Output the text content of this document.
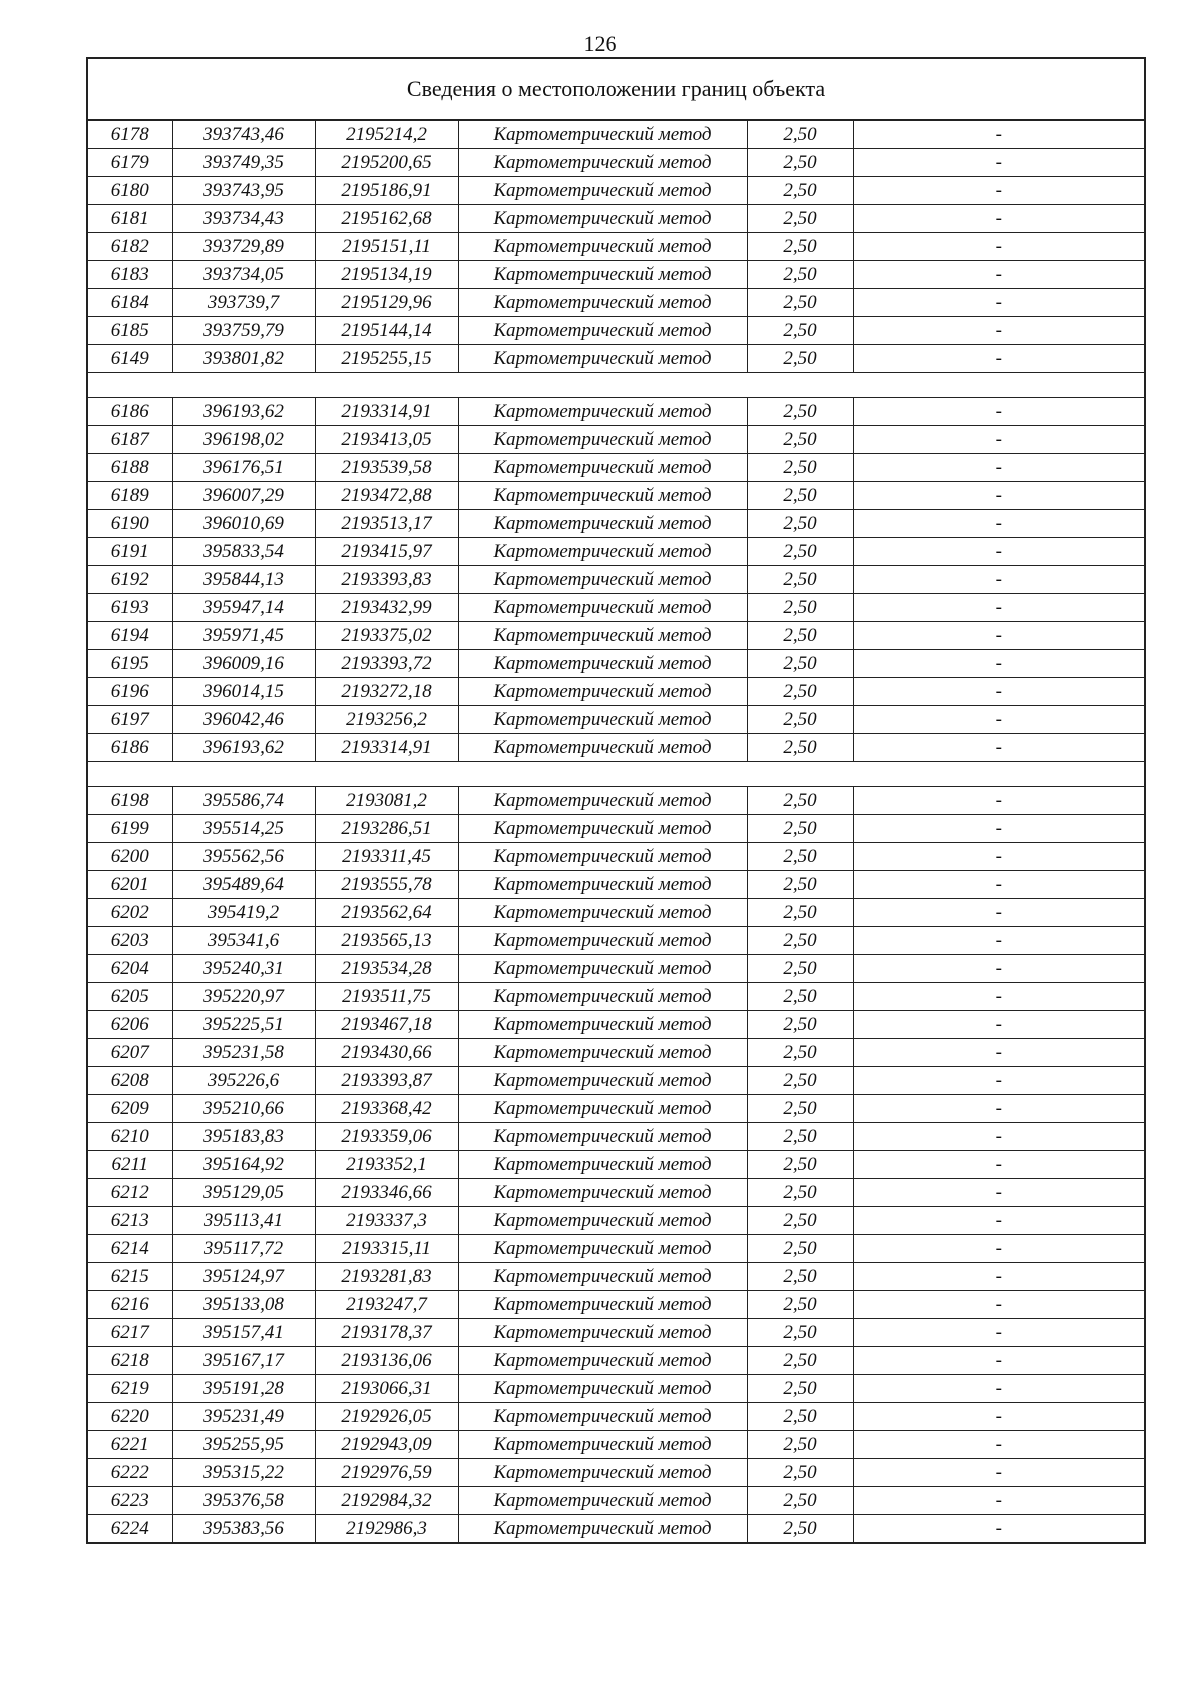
126
Сведения о местоположении границ объекта					
6178	393743,46	2195214,2	Картометрический метод	2,50	-
6179	393749,35	2195200,65	Картометрический метод	2,50	-
6180	393743,95	2195186,91	Картометрический метод	2,50	-
6181	393734,43	2195162,68	Картометрический метод	2,50	-
6182	393729,89	2195151,11	Картометрический метод	2,50	-
6183	393734,05	2195134,19	Картометрический метод	2,50	-
6184	393739,7	2195129,96	Картометрический метод	2,50	-
6185	393759,79	2195144,14	Картометрический метод	2,50	-
6149	393801,82	2195255,15	Картометрический метод	2,50	-

6186	396193,62	2193314,91	Картометрический метод	2,50	-
6187	396198,02	2193413,05	Картометрический метод	2,50	-
6188	396176,51	2193539,58	Картометрический метод	2,50	-
6189	396007,29	2193472,88	Картометрический метод	2,50	-
6190	396010,69	2193513,17	Картометрический метод	2,50	-
6191	395833,54	2193415,97	Картометрический метод	2,50	-
6192	395844,13	2193393,83	Картометрический метод	2,50	-
6193	395947,14	2193432,99	Картометрический метод	2,50	-
6194	395971,45	2193375,02	Картометрический метод	2,50	-
6195	396009,16	2193393,72	Картометрический метод	2,50	-
6196	396014,15	2193272,18	Картометрический метод	2,50	-
6197	396042,46	2193256,2	Картометрический метод	2,50	-
6186	396193,62	2193314,91	Картометрический метод	2,50	-

6198	395586,74	2193081,2	Картометрический метод	2,50	-
6199	395514,25	2193286,51	Картометрический метод	2,50	-
6200	395562,56	2193311,45	Картометрический метод	2,50	-
6201	395489,64	2193555,78	Картометрический метод	2,50	-
6202	395419,2	2193562,64	Картометрический метод	2,50	-
6203	395341,6	2193565,13	Картометрический метод	2,50	-
6204	395240,31	2193534,28	Картометрический метод	2,50	-
6205	395220,97	2193511,75	Картометрический метод	2,50	-
6206	395225,51	2193467,18	Картометрический метод	2,50	-
6207	395231,58	2193430,66	Картометрический метод	2,50	-
6208	395226,6	2193393,87	Картометрический метод	2,50	-
6209	395210,66	2193368,42	Картометрический метод	2,50	-
6210	395183,83	2193359,06	Картометрический метод	2,50	-
6211	395164,92	2193352,1	Картометрический метод	2,50	-
6212	395129,05	2193346,66	Картометрический метод	2,50	-
6213	395113,41	2193337,3	Картометрический метод	2,50	-
6214	395117,72	2193315,11	Картометрический метод	2,50	-
6215	395124,97	2193281,83	Картометрический метод	2,50	-
6216	395133,08	2193247,7	Картометрический метод	2,50	-
6217	395157,41	2193178,37	Картометрический метод	2,50	-
6218	395167,17	2193136,06	Картометрический метод	2,50	-
6219	395191,28	2193066,31	Картометрический метод	2,50	-
6220	395231,49	2192926,05	Картометрический метод	2,50	-
6221	395255,95	2192943,09	Картометрический метод	2,50	-
6222	395315,22	2192976,59	Картометрический метод	2,50	-
6223	395376,58	2192984,32	Картометрический метод	2,50	-
6224	395383,56	2192986,3	Картометрический метод	2,50	-
